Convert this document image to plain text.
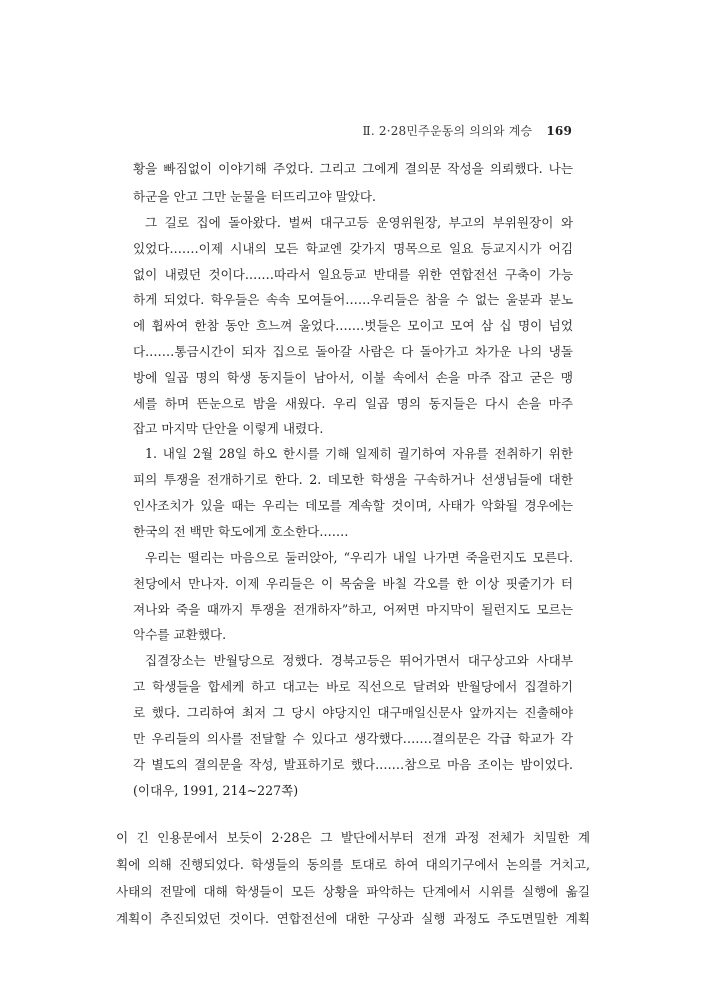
Ⅱ. 2·28민주운동의 의의와 계승 169
황을 빠짐없이 이야기해 주었다. 그리고 그에게 결의문 작성을 의뢰했다. 나는
하군을 안고 그만 눈물을 터뜨리고야 말았다.
그 길로 집에 돌아왔다. 벌써 대구고등 운영위원장, 부고의 부위원장이 와
있었다.……이제 시내의 모든 학교엔 갖가지 명목으로 일요 등교지시가 어김
없이 내렸던 것이다.……따라서 일요등교 반대를 위한 연합전선 구축이 가능
하게 되었다. 학우들은 속속 모여들어……우리들은 참을 수 없는 울분과 분노
에 휩싸여 한참 동안 흐느껴 울었다.……벗들은 모이고 모여 삼 십 명이 넘었
다.……통금시간이 되자 집으로 돌아갈 사람은 다 돌아가고 차가운 나의 냉돌
방에 일곱 명의 학생 동지들이 남아서, 이불 속에서 손을 마주 잡고 굳은 맹
세를 하며 뜬눈으로 밤을 새웠다. 우리 일곱 명의 동지들은 다시 손을 마주
잡고 마지막 단안을 이렇게 내렸다.
1. 내일 2월 28일 하오 한시를 기해 일제히 궐기하여 자유를 전취하기 위한
피의 투쟁을 전개하기로 한다. 2. 데모한 학생을 구속하거나 선생님들에 대한
인사조치가 있을 때는 우리는 데모를 계속할 것이며, 사태가 악화될 경우에는
한국의 전 백만 학도에게 호소한다.……
우리는 떨리는 마음으로 둘러앉아, “우리가 내일 나가면 죽을런지도 모른다.
천당에서 만나자. 이제 우리들은 이 목숨을 바칠 각오를 한 이상 핏줄기가 터
져나와 죽을 때까지 투쟁을 전개하자”하고, 어쩌면 마지막이 될런지도 모르는
악수를 교환했다.
집결장소는 반월당으로 정했다. 경북고등은 뛰어가면서 대구상고와 사대부
고 학생들을 합세케 하고 대고는 바로 직선으로 달려와 반월당에서 집결하기
로 했다. 그리하여 최저 그 당시 야당지인 대구매일신문사 앞까지는 진출해야
만 우리들의 의사를 전달할 수 있다고 생각했다.……결의문은 각급 학교가 각
각 별도의 결의문을 작성, 발표하기로 했다.……참으로 마음 조이는 밤이었다.
(이대우, 1991, 214~227쪽)
이 긴 인용문에서 보듯이 2·28은 그 발단에서부터 전개 과정 전체가 치밀한 계
획에 의해 진행되었다. 학생들의 동의를 토대로 하여 대의기구에서 논의를 거치고,
사태의 전말에 대해 학생들이 모든 상황을 파악하는 단계에서 시위를 실행에 옮길
계획이 추진되었던 것이다. 연합전선에 대한 구상과 실행 과정도 주도면밀한 계획
